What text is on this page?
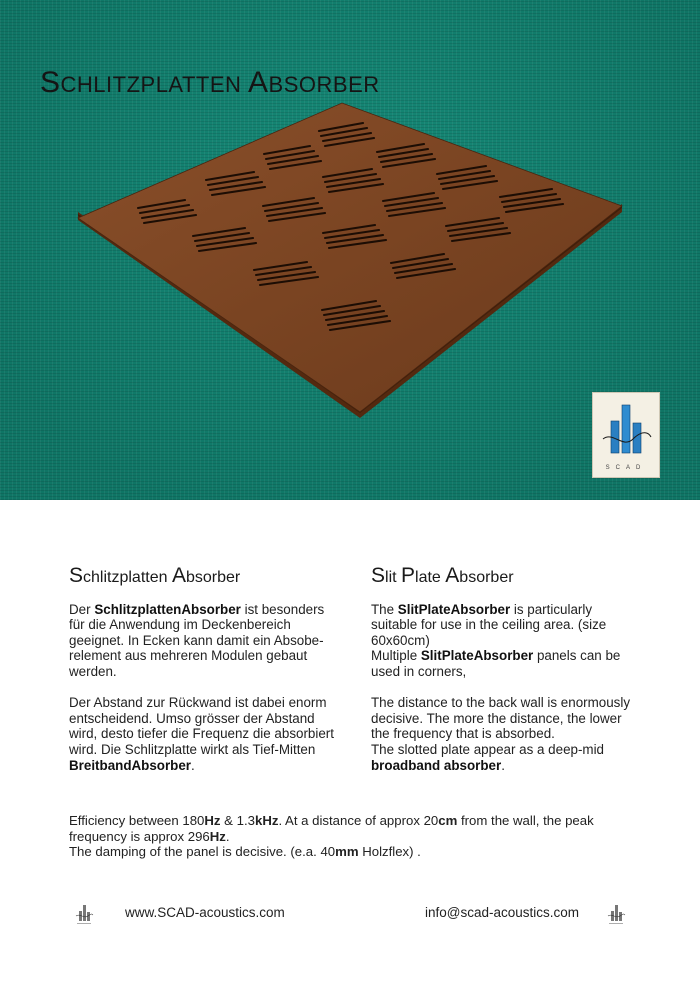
SCHLITZPLATTEN ABSORBER
SCAD
Schlitzplatten Absorber

Der SchlitzplattenAbsorber ist besonders für die Anwendung im Deckenbereich geeignet. In Ecken kann damit ein Absobe-relement aus mehreren Modulen gebaut werden.

Der Abstand zur Rückwand ist dabei enorm entscheidend. Umso grösser der Abstand wird, desto tiefer die Frequenz die absorbiert wird. Die Schlitzplatte wirkt als Tief-Mitten BreitbandAbsorber.

Slit Plate Absorber

The SlitPlateAbsorber is particularly suitable for use in the ceiling area. (size 60x60cm)

Multiple SlitPlateAbsorber panels can be used in corners,

The distance to the back wall is enormously decisive. The more the distance, the lower the frequency that is absorbed.

The slotted plate appear as a deep-mid broadband absorber.

Efficiency between 180Hz & 1.3kHz. At a distance of approx 20cm from the wall, the peak frequency is approx 296Hz.

The damping of the panel is decisive. (e.a. 40mm Holzflex) .

www.SCAD-acoustics.com	info@scad-acoustics.com
